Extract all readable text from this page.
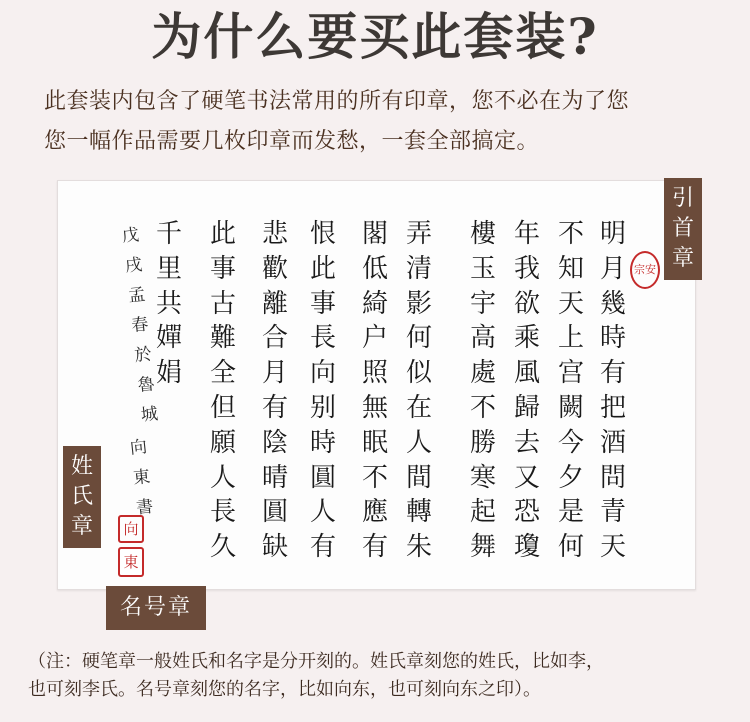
为什么要买此套装?
此套装内包含了硬笔书法常用的所有印章，您不必在为了您
您一幅作品需要几枚印章而发愁，一套全部搞定。
明月幾時有把酒問青天
不知天上宫闕今夕是何
年我欲乘風歸去又恐瓊
樓玉宇高處不勝寒起舞
弄清影何似在人間轉朱
閣低綺户照無眠不應有
恨此事長向别時圓人有
悲歡離合月有陰晴圓缺
此事古難全但願人長久
千里共嬋娟
戊戌孟春於魯城
向東書
宗安
向
東
引首章
姓氏章
名号章
（注：硬笔章一般姓氏和名字是分开刻的。姓氏章刻您的姓氏，比如李，
也可刻李氏。名号章刻您的名字，比如向东，也可刻向东之印）。
